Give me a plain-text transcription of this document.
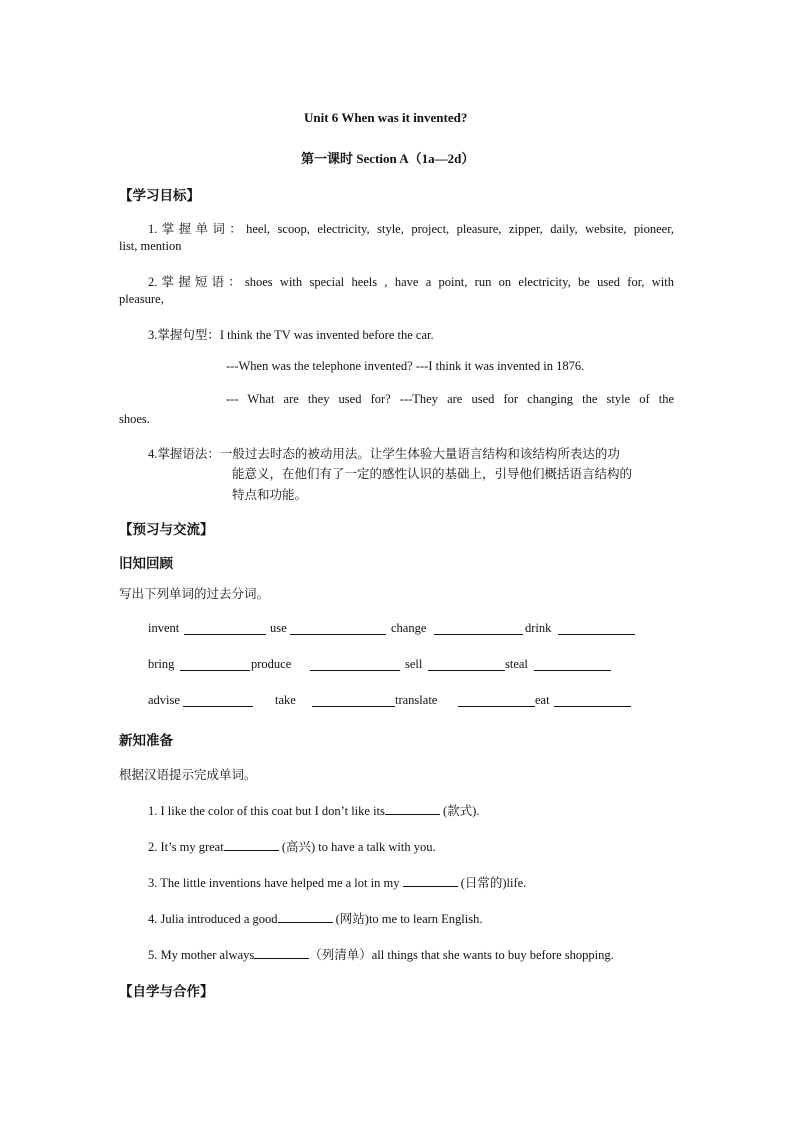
Unit 6 When was it invented?
第一课时 Section A（1a—2d）
【学习目标】
1.掌握单词：heel, scoop, electricity, style, project, pleasure, zipper, daily, website, pioneer,
list, mention
2.掌握短语：shoes with special heels , have a point, run on electricity, be used for, with
pleasure,
3.掌握句型：I think the TV was invented before the car.
---When was the telephone invented? ---I think it was invented in 1876.
--- What are they used for? ---They are used for changing the style of the
shoes.
4.掌握语法：一般过去时态的被动用法。让学生体验大量语言结构和该结构所表达的功
能意义，在他们有了一定的感性认识的基础上，引导他们概括语言结构的
特点和功能。
【预习与交流】
旧知回顾
写出下列单词的过去分词。
invent	use	change	drink
bring	produce	sell	steal
advise	take	translate	eat
新知准备
根据汉语提示完成单词。
1. I like the color of this coat but I don’t like its	(款式).
2. It’s my great	(高兴) to have a talk with you.
3. The little inventions have helped me a lot in my	(日常的)life.
4. Julia introduced a good	(网站)to me to learn English.
5. My mother always	（列清单）all things that she wants to buy before shopping.
【自学与合作】
